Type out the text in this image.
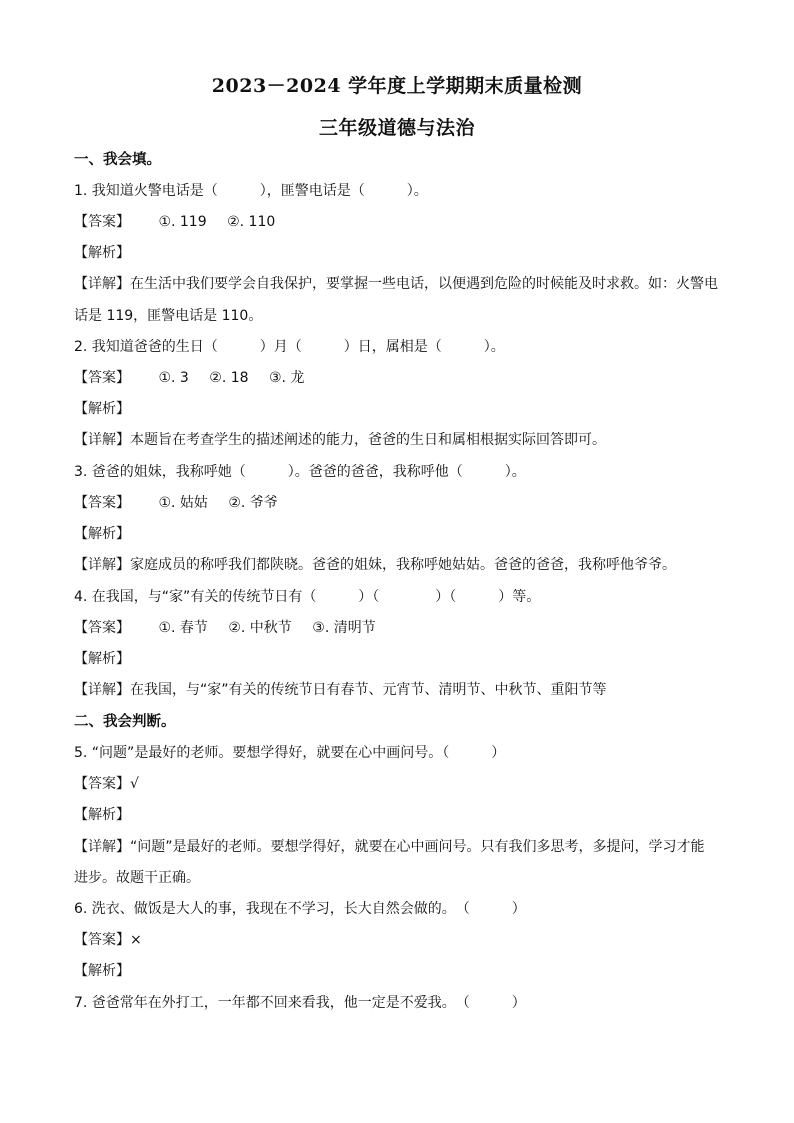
2023－2024 学年度上学期期末质量检测
三年级道德与法治
一、我会填。
1. 我知道火警电话是（　　　），匪警电话是（　　　）。
【答案】 ①. 119 ②. 110
【解析】
【详解】在生活中我们要学会自我保护，要掌握一些电话，以便遇到危险的时候能及时求救。如：火警电
话是 119，匪警电话是 110。
2. 我知道爸爸的生日（　　　）月（　　　）日，属相是（　　　）。
【答案】 ①. 3 ②. 18 ③. 龙
【解析】
【详解】本题旨在考查学生的描述阐述的能力，爸爸的生日和属相根据实际回答即可。
3. 爸爸的姐妹，我称呼她（　　　）。爸爸的爸爸，我称呼他（　　　）。
【答案】 ①. 姑姑 ②. 爷爷
【解析】
【详解】家庭成员的称呼我们都陕晓。爸爸的姐妹，我称呼她姑姑。爸爸的爸爸，我称呼他爷爷。
4. 在我国，与“家”有关的传统节日有（　　　）（　　　　）（　　　）等。
【答案】 ①. 春节 ②. 中秋节 ③. 清明节
【解析】
【详解】在我国，与“家”有关的传统节日有春节、元宵节、清明节、中秋节、重阳节等
二、我会判断。
5. “问题”是最好的老师。要想学得好，就要在心中画问号。（　　　）
【答案】√
【解析】
【详解】“问题”是最好的老师。要想学得好，就要在心中画问号。只有我们多思考，多提问，学习才能
进步。故题干正确。
6. 洗衣、做饭是大人的事，我现在不学习，长大自然会做的。　（　　　）
【答案】×
【解析】
7. 爸爸常年在外打工，一年都不回来看我，他一定是不爱我。　（　　　）
